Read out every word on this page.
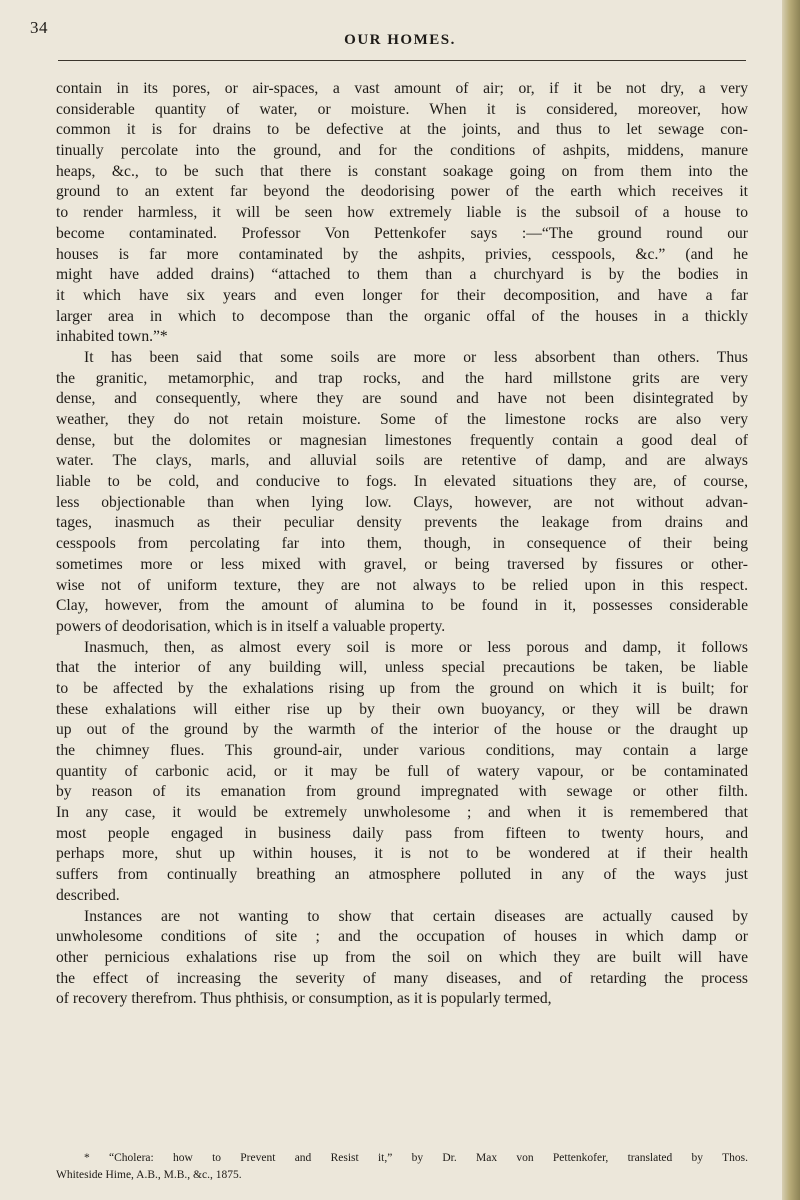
34
OUR HOMES.
contain in its pores, or air-spaces, a vast amount of air; or, if it be not dry, a very
considerable quantity of water, or moisture. When it is considered, moreover, how
common it is for drains to be defective at the joints, and thus to let sewage con-
tinually percolate into the ground, and for the conditions of ashpits, middens, manure
heaps, &c., to be such that there is constant soakage going on from them into the
ground to an extent far beyond the deodorising power of the earth which receives it
to render harmless, it will be seen how extremely liable is the subsoil of a house to
become contaminated. Professor Von Pettenkofer says :—“The ground round our
houses is far more contaminated by the ashpits, privies, cesspools, &c.” (and he
might have added drains) “attached to them than a churchyard is by the bodies in
it which have six years and even longer for their decomposition, and have a far
larger area in which to decompose than the organic offal of the houses in a thickly
inhabited town.”*
It has been said that some soils are more or less absorbent than others. Thus
the granitic, metamorphic, and trap rocks, and the hard millstone grits are very
dense, and consequently, where they are sound and have not been disintegrated by
weather, they do not retain moisture. Some of the limestone rocks are also very
dense, but the dolomites or magnesian limestones frequently contain a good deal of
water. The clays, marls, and alluvial soils are retentive of damp, and are always
liable to be cold, and conducive to fogs. In elevated situations they are, of course,
less objectionable than when lying low. Clays, however, are not without advan-
tages, inasmuch as their peculiar density prevents the leakage from drains and
cesspools from percolating far into them, though, in consequence of their being
sometimes more or less mixed with gravel, or being traversed by fissures or other-
wise not of uniform texture, they are not always to be relied upon in this respect.
Clay, however, from the amount of alumina to be found in it, possesses considerable
powers of deodorisation, which is in itself a valuable property.
Inasmuch, then, as almost every soil is more or less porous and damp, it follows
that the interior of any building will, unless special precautions be taken, be liable
to be affected by the exhalations rising up from the ground on which it is built; for
these exhalations will either rise up by their own buoyancy, or they will be drawn
up out of the ground by the warmth of the interior of the house or the draught up
the chimney flues. This ground-air, under various conditions, may contain a large
quantity of carbonic acid, or it may be full of watery vapour, or be contaminated
by reason of its emanation from ground impregnated with sewage or other filth.
In any case, it would be extremely unwholesome ; and when it is remembered that
most people engaged in business daily pass from fifteen to twenty hours, and
perhaps more, shut up within houses, it is not to be wondered at if their health
suffers from continually breathing an atmosphere polluted in any of the ways just
described.
Instances are not wanting to show that certain diseases are actually caused by
unwholesome conditions of site ; and the occupation of houses in which damp or
other pernicious exhalations rise up from the soil on which they are built will have
the effect of increasing the severity of many diseases, and of retarding the process
of recovery therefrom. Thus phthisis, or consumption, as it is popularly termed,
* “Cholera: how to Prevent and Resist it,” by Dr. Max von Pettenkofer, translated by Thos.
Whiteside Hime, A.B., M.B., &c., 1875.
